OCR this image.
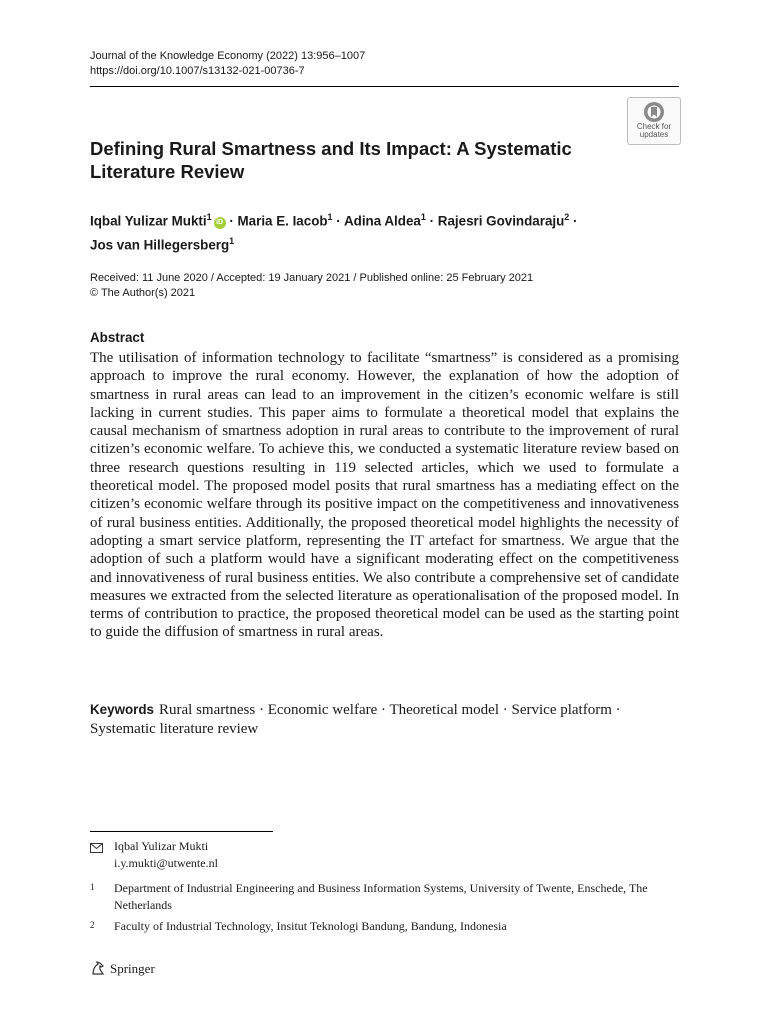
Journal of the Knowledge Economy (2022) 13:956–1007
https://doi.org/10.1007/s13132-021-00736-7
Check for
updates
Defining Rural Smartness and Its Impact: A Systematic Literature Review
Iqbal Yulizar Mukti$^1$iD · Maria E. Iacob$^1$ · Adina Aldea$^1$ · Rajesri Govindaraju$^2$ ·
Jos van Hillegersberg$^1$
Received: 11 June 2020 / Accepted: 19 January 2021 / Published online: 25 February 2021
© The Author(s) 2021
Abstract

The utilisation of information technology to facilitate “smartness” is considered as a promising approach to improve the rural economy. However, the explanation of how the adoption of smartness in rural areas can lead to an improvement in the citizen’s economic welfare is still lacking in current studies. This paper aims to formulate a theoretical model that explains the causal mechanism of smartness adoption in rural areas to contribute to the improvement of rural citizen’s economic welfare. To achieve this, we conducted a systematic literature review based on three research questions resulting in 119 selected articles, which we used to formulate a theoretical model. The proposed model posits that rural smartness has a mediating effect on the citizen’s economic welfare through its positive impact on the competitiveness and innovativeness of rural business entities. Additionally, the proposed theoretical model highlights the necessity of adopting a smart service platform, representing the IT artefact for smartness. We argue that the adoption of such a platform would have a significant moderating effect on the competitiveness and innovativeness of rural business entities. We also contribute a comprehensive set of candidate measures we extracted from the selected literature as operationalisation of the proposed model. In terms of contribution to practice, the proposed theoretical model can be used as the starting point to guide the diffusion of smartness in rural areas.

Keywords Rural smartness · Economic welfare · Theoretical model · Service platform · Systematic literature review
Iqbal Yulizar Mukti
i.y.mukti@utwente.nl
1 Department of Industrial Engineering and Business Information Systems, University of Twente, Enschede, The Netherlands
2 Faculty of Industrial Technology, Insitut Teknologi Bandung, Bandung, Indonesia
Springer
